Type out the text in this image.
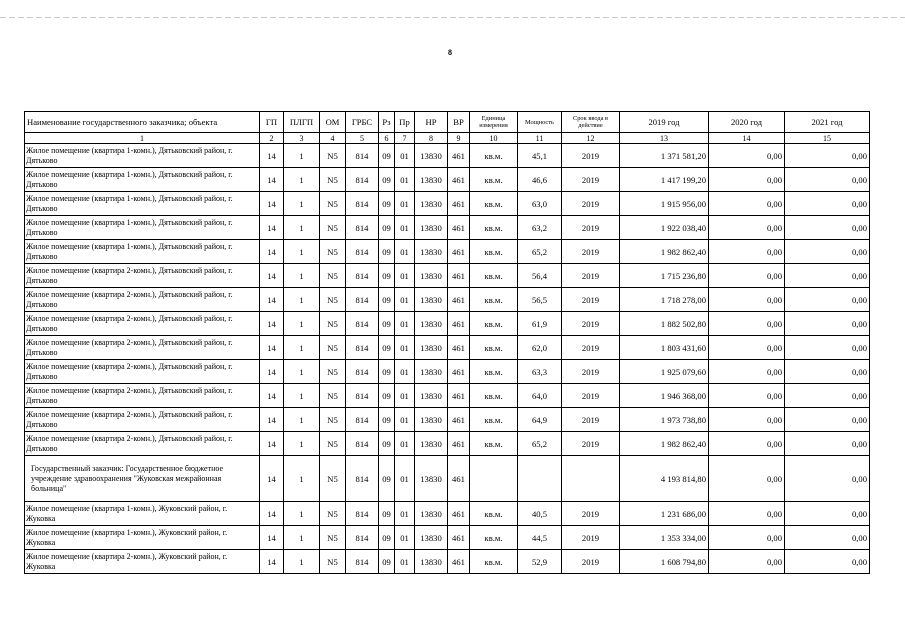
8
Наименование государственного заказчика; объекта	ГП	ПЛГП	ОМ	ГРБС	Рз	Пр	НР	ВР	Единица измерения	Мощность	Срок ввода в действие	2019 год	2020 год	2021 год
1	2	3	4	5	6	7	8	9	10	11	12	13	14	15
Жилое помещение (квартира 1-комн.), Дятьковский район, г. Дятьково	14	1	N5	814	09	01	13830	461	кв.м.	45,1	2019	1 371 581,20	0,00	0,00
Жилое помещение (квартира 1-комн.), Дятьковский район, г. Дятьково	14	1	N5	814	09	01	13830	461	кв.м.	46,6	2019	1 417 199,20	0,00	0,00
Жилое помещение (квартира 1-комн.), Дятьковский район, г. Дятьково	14	1	N5	814	09	01	13830	461	кв.м.	63,0	2019	1 915 956,00	0,00	0,00
Жилое помещение (квартира 1-комн.), Дятьковский район, г. Дятьково	14	1	N5	814	09	01	13830	461	кв.м.	63,2	2019	1 922 038,40	0,00	0,00
Жилое помещение (квартира 1-комн.), Дятьковский район, г. Дятьково	14	1	N5	814	09	01	13830	461	кв.м.	65,2	2019	1 982 862,40	0,00	0,00
Жилое помещение (квартира 2-комн.), Дятьковский район, г. Дятьково	14	1	N5	814	09	01	13830	461	кв.м.	56,4	2019	1 715 236,80	0,00	0,00
Жилое помещение (квартира 2-комн.), Дятьковский район, г. Дятьково	14	1	N5	814	09	01	13830	461	кв.м.	56,5	2019	1 718 278,00	0,00	0,00
Жилое помещение (квартира 2-комн.), Дятьковский район, г. Дятьково	14	1	N5	814	09	01	13830	461	кв.м.	61,9	2019	1 882 502,80	0,00	0,00
Жилое помещение (квартира 2-комн.), Дятьковский район, г. Дятьково	14	1	N5	814	09	01	13830	461	кв.м.	62,0	2019	1 803 431,60	0,00	0,00
Жилое помещение (квартира 2-комн.), Дятьковский район, г. Дятьково	14	1	N5	814	09	01	13830	461	кв.м.	63,3	2019	1 925 079,60	0,00	0,00
Жилое помещение (квартира 2-комн.), Дятьковский район, г. Дятьково	14	1	N5	814	09	01	13830	461	кв.м.	64,0	2019	1 946 368,00	0,00	0,00
Жилое помещение (квартира 2-комн.), Дятьковский район, г. Дятьково	14	1	N5	814	09	01	13830	461	кв.м.	64,9	2019	1 973 738,80	0,00	0,00
Жилое помещение (квартира 2-комн.), Дятьковский район, г. Дятьково	14	1	N5	814	09	01	13830	461	кв.м.	65,2	2019	1 982 862,40	0,00	0,00
Государственный заказчик: Государственное бюджетное учреждение здравоохранения "Жуковская межрайонная больница"	14	1	N5	814	09	01	13830	461				4 193 814,80	0,00	0,00
Жилое помещение (квартира 1-комн.), Жуковский район, г. Жуковка	14	1	N5	814	09	01	13830	461	кв.м.	40,5	2019	1 231 686,00	0,00	0,00
Жилое помещение (квартира 1-комн.), Жуковский район, г. Жуковка	14	1	N5	814	09	01	13830	461	кв.м.	44,5	2019	1 353 334,00	0,00	0,00
Жилое помещение (квартира 2-комн.), Жуковский район, г. Жуковка	14	1	N5	814	09	01	13830	461	кв.м.	52,9	2019	1 608 794,80	0,00	0,00
